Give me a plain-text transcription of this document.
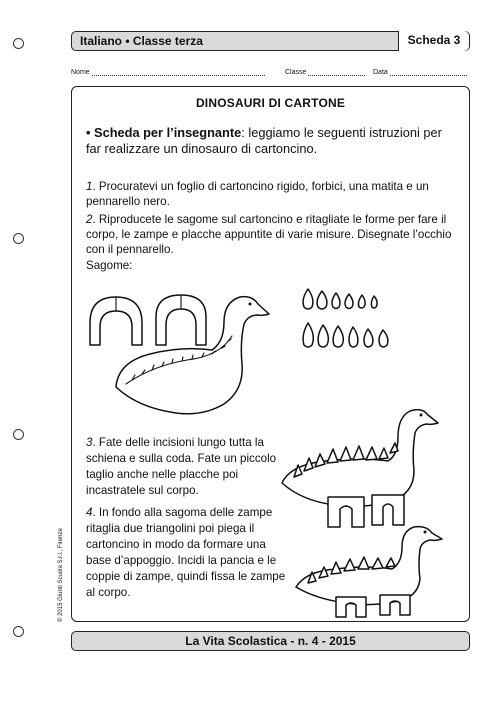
Italiano • Classe terza	Scheda 3
Nome	Classe	Data
DINOSAURI DI CARTONE
• Scheda per l’insegnante: leggiamo le seguenti istruzioni per far realizzare un dinosauro di cartoncino.
1. Procuratevi un foglio di cartoncino rigido, forbici, una matita e un pennarello nero.
2. Riproducete le sagome sul cartoncino e ritagliate le forme per fare il corpo, le zampe e placche appuntite di varie misure. Disegnate l’occhio con il pennarello.
Sagome:
3. Fate delle incisioni lungo tutta la schiena e sulla coda. Fate un piccolo taglio anche nelle placche poi incastratele sul corpo.
4. In fondo alla sagoma delle zampe ritaglia due triangolini poi piega il cartoncino in modo da formare una base d’appoggio. Incidi la pancia e le coppie di zampe, quindi fissa le zampe al corpo.
© 2015 Giunti Scuola S.r.l., Firenze
La Vita Scolastica - n. 4 - 2015
